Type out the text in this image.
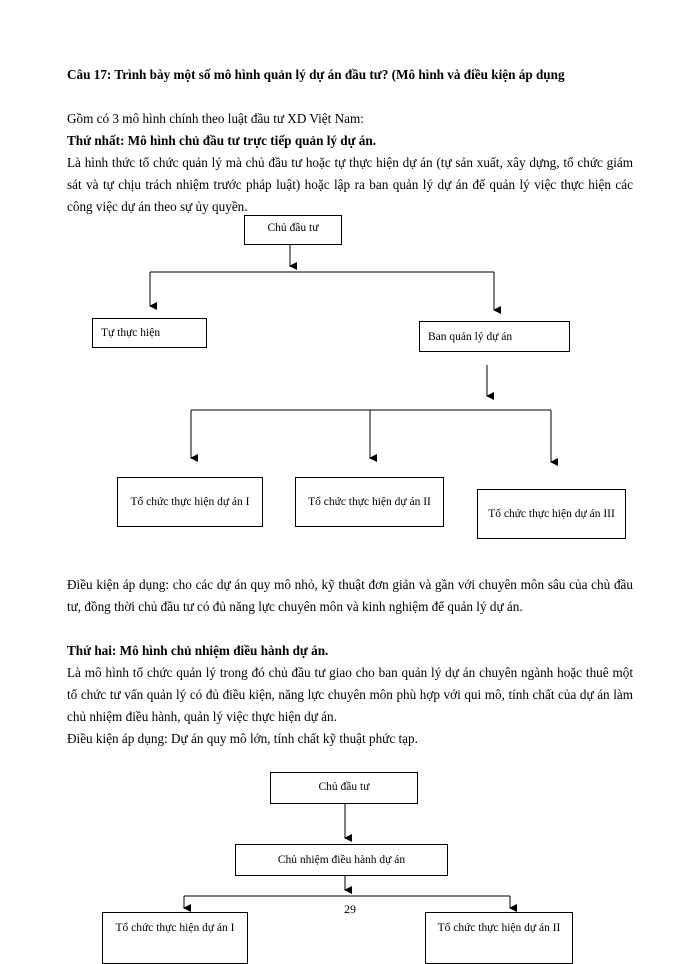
Câu 17: Trình bày một số mô hình quản lý dự án đầu tư? (Mô hình và điều kiện áp dụng
Gồm có 3 mô hình chính theo luật đầu tư XD Việt Nam:
Thứ nhất: Mô hình chủ đầu tư trực tiếp quản lý dự án.
Là hình thức tổ chức quản lý mà chủ đầu tư hoặc tự thực hiện dự án (tự sản xuất, xây dựng, tổ chức giám sát và tự chịu trách nhiệm trước pháp luật) hoặc lập ra ban quản lý dự án để quản lý việc thực hiện các công việc dự án theo sự ủy quyền.
Chủ đầu tư
Tự thực hiện	Ban quản lý dự án
Tổ chức thực hiện dự án I	Tổ chức thực hiện dự án II
Tổ chức thực hiện dự án III
Điều kiện áp dụng: cho các dự án quy mô nhỏ, kỹ thuật đơn giản và gần với chuyên môn sâu của chủ đầu tư, đồng thời chủ đầu tư có đủ năng lực chuyên môn và kinh nghiệm để quản lý dự án.
Thứ hai: Mô hình chủ nhiệm điều hành dự án.
Là mô hình tổ chức quản lý trong đó chủ đầu tư giao cho ban quản lý dự án chuyên ngành hoặc thuê một tổ chức tư vấn quản lý có đủ điều kiện, năng lực chuyên môn phù hợp với qui mô, tính chất của dự án làm chủ nhiệm điều hành, quản lý việc thực hiện dự án.
Điều kiện áp dụng: Dự án quy mô lớn, tính chất kỹ thuật phức tạp.
Chủ đầu tư
Chủ nhiệm điều hành dự án
Tổ chức thực hiện dự án I	Tổ chức thực hiện dự án II
29
